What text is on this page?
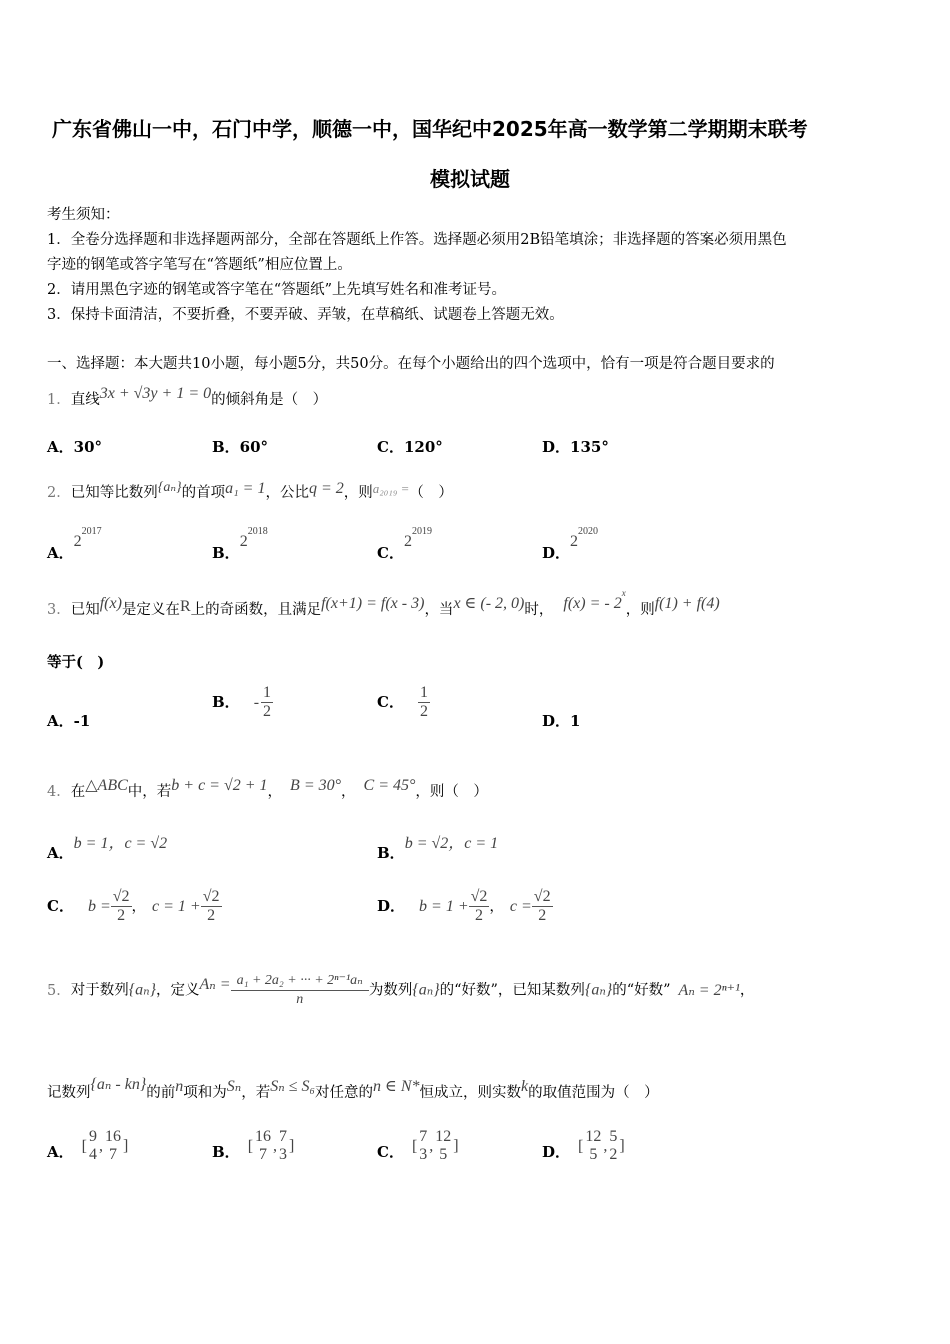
广东省佛山一中，石门中学，顺德一中，国华纪中2025年高一数学第二学期期末联考
模拟试题
考生须知：
1．全卷分选择题和非选择题两部分，全部在答题纸上作答。选择题必须用2B铅笔填涂；非选择题的答案必须用黑色
字迹的钢笔或答字笔写在“答题纸”相应位置上。
2．请用黑色字迹的钢笔或答字笔在“答题纸”上先填写姓名和准考证号。
3．保持卡面清洁，不要折叠，不要弄破、弄皱，在草稿纸、试题卷上答题无效。
一、选择题：本大题共10小题，每小题5分，共50分。在每个小题给出的四个选项中，恰有一项是符合题目要求的
1．直线3x + √3y + 1 = 0的倾斜角是（　）
A．30°	B．60°	C．120°	D．135°
2．已知等比数列{aₙ}的首项a₁ = 1，公比q = 2，则a₂₀₁₉ =（　）
A．$2^{2017}$
B．$2^{2018}$
C．$2^{2019}$
D．$2^{2020}$
3．已知f(x)是定义在R上的奇函数，且满足f(x+1) = f(x - 3)，当x ∈ (- 2, 0)时， f(x) = - 2$^x$，则f(1) + f(4)
等于(　)
A．-1
B． - $\frac{1}{2}$	C． $\frac{1}{2}$	D．1
4．在△ABC中，若b + c = √2 + 1， B = 30°， C = 45°，则（　）
A．b = 1，c = √2
B．b = √2，c = 1
C． $b = \frac{√2}{2}$ ， $c = 1 + \frac{√2}{2}$	D． $b = 1 + \frac{√2}{2}$ ， $c = \frac{√2}{2}$
5．对于数列{aₙ}，定义$A_n = \frac{\text{a₁ + 2a₂ + ··· + 2ⁿ⁻¹aₙ}}{n}$ 为数列{aₙ}的“好数”，已知某数列{aₙ}的“好数” Aₙ = 2ⁿ⁺¹，
记数列{aₙ - kn}的前n项和为Sₙ，若Sₙ ≤ S₆对任意的n ∈ N*恒成立，则实数k的取值范围为（　）
A． [
9
4 ,
16
7 ]	B． [
16
7 ,
7
3 ]	C． [
7
3 ,
12
5 ]	D． [
12
5 ,
5
2 ]
